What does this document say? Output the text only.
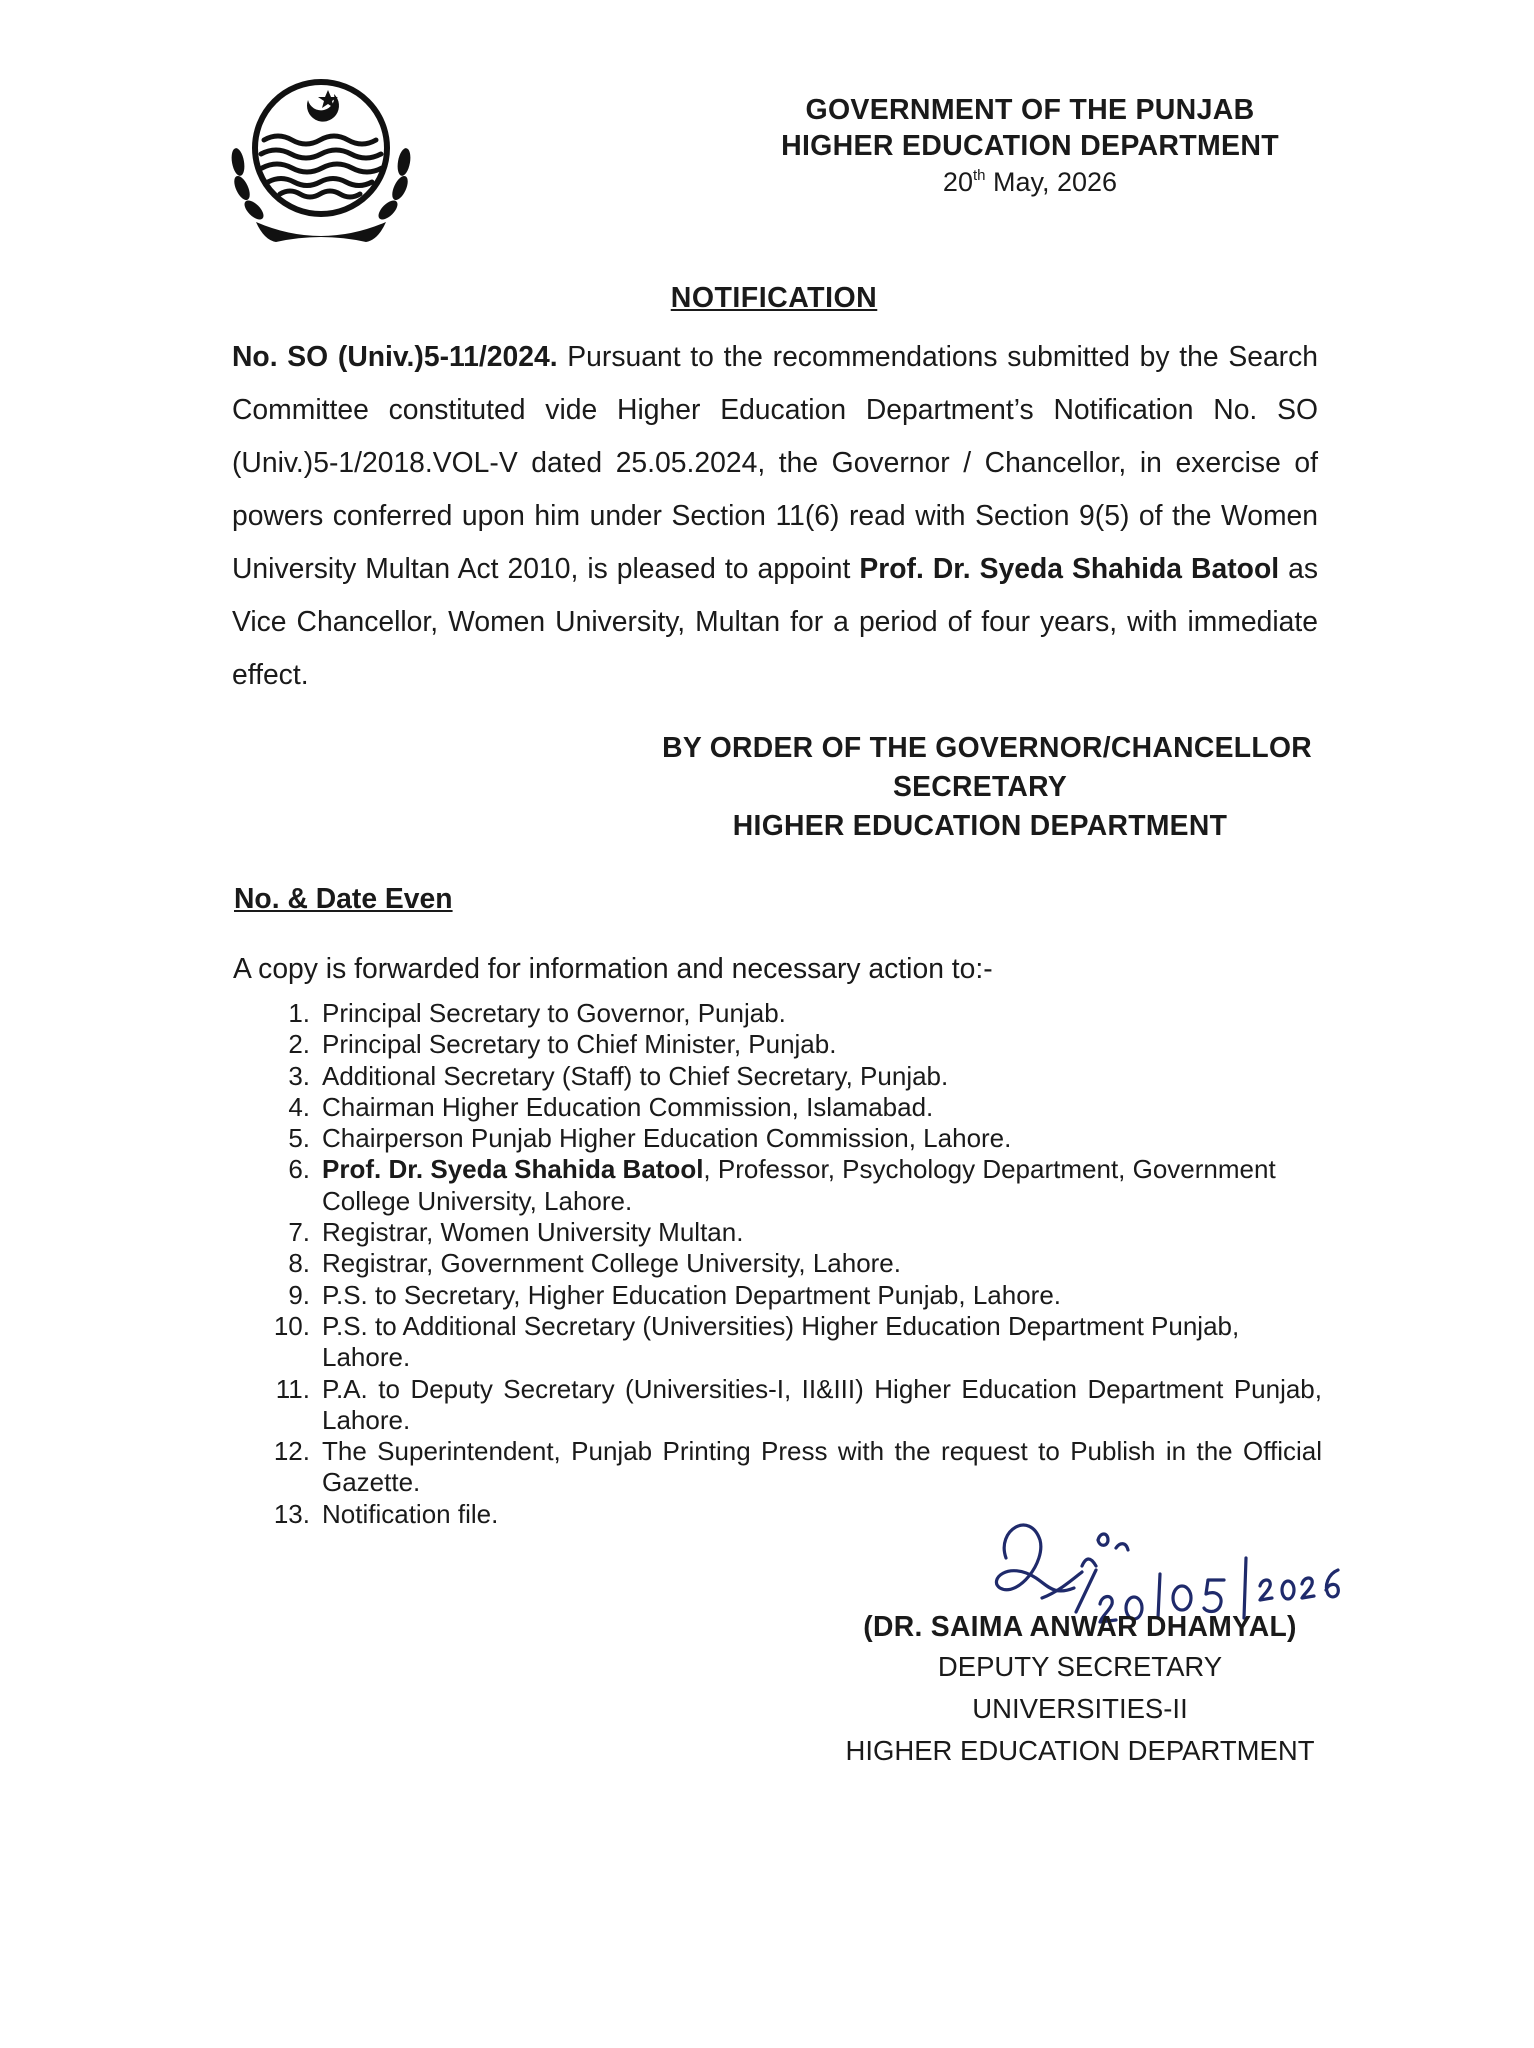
GOVERNMENT OF THE PUNJAB
HIGHER EDUCATION DEPARTMENT
20th May, 2026
NOTIFICATION
No. SO (Univ.)5-11/2024. Pursuant to the recommendations submitted by the Search Committee constituted vide Higher Education Department’s Notification No. SO (Univ.)5-1/2018.VOL-V dated 25.05.2024, the Governor / Chancellor, in exercise of powers conferred upon him under Section 11(6) read with Section 9(5) of the Women University Multan Act 2010, is pleased to appoint Prof. Dr. Syeda Shahida Batool as Vice Chancellor, Women University, Multan for a period of four years, with immediate effect.
BY ORDER OF THE GOVERNOR/CHANCELLOR
SECRETARY
HIGHER EDUCATION DEPARTMENT
No. & Date Even
A copy is forwarded for information and necessary action to:-
1. Principal Secretary to Governor, Punjab.
2. Principal Secretary to Chief Minister, Punjab.
3. Additional Secretary (Staff) to Chief Secretary, Punjab.
4. Chairman Higher Education Commission, Islamabad.
5. Chairperson Punjab Higher Education Commission, Lahore.
6. Prof. Dr. Syeda Shahida Batool, Professor, Psychology Department, Government College University, Lahore.
7. Registrar, Women University Multan.
8. Registrar, Government College University, Lahore.
9. P.S. to Secretary, Higher Education Department Punjab, Lahore.
10. P.S. to Additional Secretary (Universities) Higher Education Department Punjab, Lahore.
11. P.A. to Deputy Secretary (Universities-I, II&III) Higher Education Department Punjab, Lahore.
12. The Superintendent, Punjab Printing Press with the request to Publish in the Official Gazette.
13. Notification file.
(DR. SAIMA ANWAR DHAMYAL)
DEPUTY SECRETARY
UNIVERSITIES-II
HIGHER EDUCATION DEPARTMENT
